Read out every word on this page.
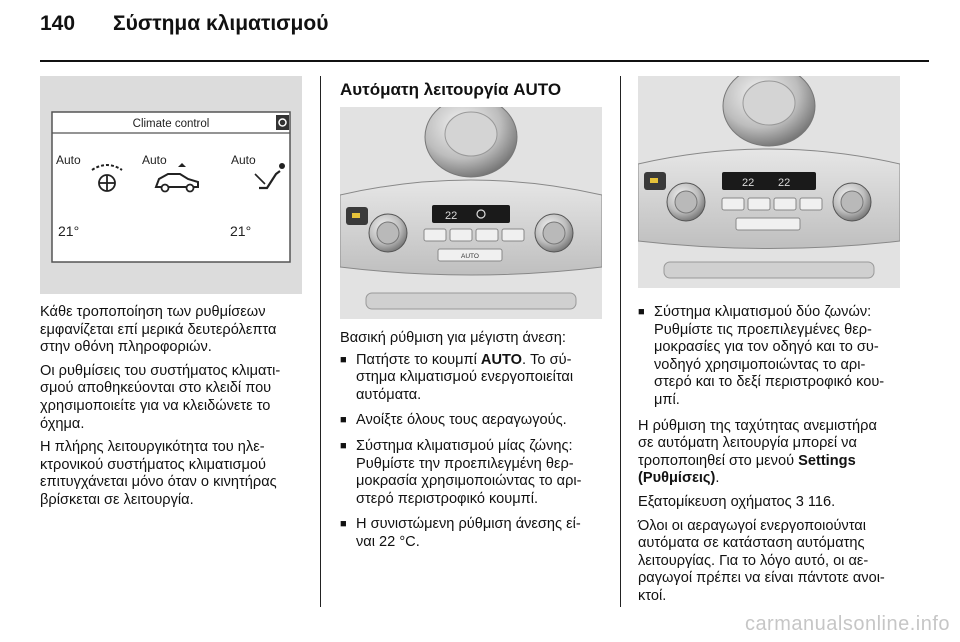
140 Σύστημα κλιματισμού
Climate control
Auto	Auto	Auto
21°	21°

Κάθε τροποποίηση των ρυθμίσεων
εμφανίζεται επί μερικά δευτερόλεπτα
στην οθόνη πληροφοριών.

Οι ρυθμίσεις του συστήματος κλιματι-
σμού αποθηκεύονται στο κλειδί που
χρησιμοποιείτε για να κλειδώνετε το
όχημα.

Η πλήρης λειτουργικότητα του ηλε-
κτρονικού συστήματος κλιματισμού
επιτυγχάνεται μόνο όταν ο κινητήρας
βρίσκεται σε λειτουργία.

Αυτόματη λειτουργία AUTO
22
AUTO

Βασική ρύθμιση για μέγιστη άνεση:

■ Πατήστε το κουμπί AUTO. Το σύ-
στημα κλιματισμού ενεργοποιείται
αυτόματα.
■ Ανοίξτε όλους τους αεραγωγούς.
■ Σύστημα κλιματισμού μίας ζώνης:
Ρυθμίστε την προεπιλεγμένη θερ-
μοκρασία χρησιμοποιώντας το αρι-
στερό περιστροφικό κουμπί.
■ Η συνιστώμενη ρύθμιση άνεσης εί-
ναι 22 °C.
22 22
■ Σύστημα κλιματισμού δύο ζωνών:
Ρυθμίστε τις προεπιλεγμένες θερ-
μοκρασίες για τον οδηγό και το συ-
νοδηγό χρησιμοποιώντας το αρι-
στερό και το δεξί περιστροφικό κου-
μπί.

Η ρύθμιση της ταχύτητας ανεμιστήρα
σε αυτόματη λειτουργία μπορεί να
τροποποιηθεί στο μενού Settings
(Ρυθμίσεις).

Εξατομίκευση οχήματος 3 116.

Όλοι οι αεραγωγοί ενεργοποιούνται
αυτόματα σε κατάσταση αυτόματης
λειτουργίας. Για το λόγο αυτό, οι αε-
ραγωγοί πρέπει να είναι πάντοτε ανοι-
κτοί.

carmanualsonline.info
